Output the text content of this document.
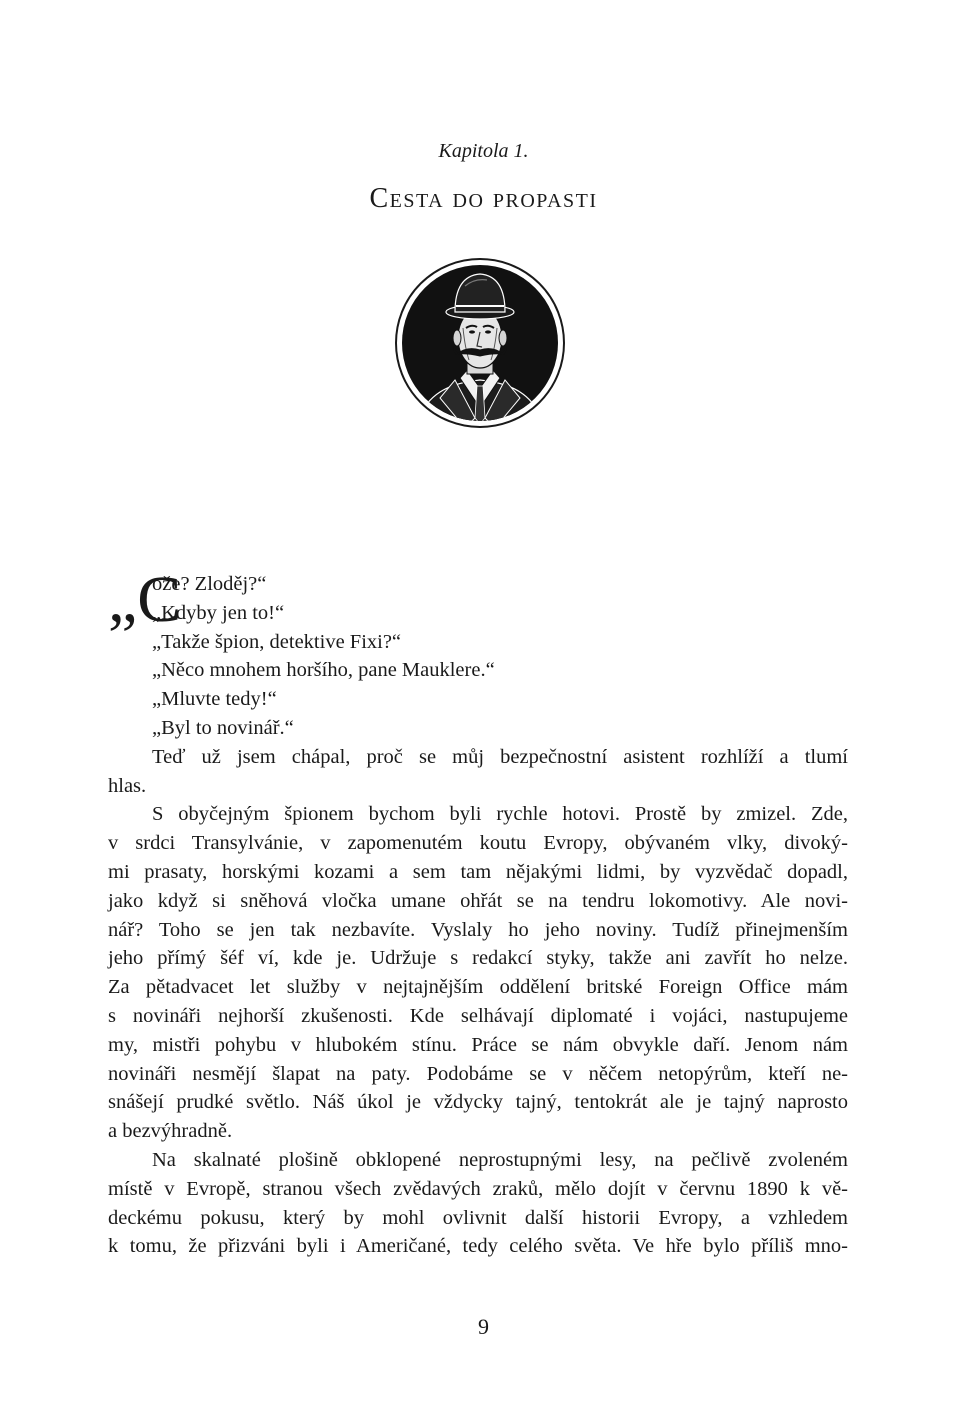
Kapitola 1.
Cesta do propasti
„C
ože? Zloděj?“
„Kdyby jen to!“
„Takže špion, detektive Fixi?“
„Něco mnohem horšího, pane Mauklere.“
„Mluvte tedy!“
„Byl to novinář.“

Teď už jsem chápal, proč se můj bezpečnostní asistent rozhlíží a tlumí
hlas.

S obyčejným špionem bychom byli rychle hotovi. Prostě by zmizel. Zde,
v srdci Transylvánie, v zapomenutém koutu Evropy, obývaném vlky, divoký-
mi prasaty, horskými kozami a sem tam nějakými lidmi, by vyzvědač dopadl,
jako když si sněhová vločka umane ohřát se na tendru lokomotivy. Ale novi-
nář? Toho se jen tak nezbavíte. Vyslaly ho jeho noviny. Tudíž přinejmenším
jeho přímý šéf ví, kde je. Udržuje s redakcí styky, takže ani zavřít ho nelze.
Za pětadvacet let služby v nejtajnějším oddělení britské Foreign Office mám
s novináři nejhorší zkušenosti. Kde selhávají diplomaté i vojáci, nastupujeme
my, mistři pohybu v hlubokém stínu. Práce se nám obvykle daří. Jenom nám
novináři nesmějí šlapat na paty. Podobáme se v něčem netopýrům, kteří ne-
snášejí prudké světlo. Náš úkol je vždycky tajný, tentokrát ale je tajný naprosto
a bezvýhradně.

Na skalnaté plošině obklopené neprostupnými lesy, na pečlivě zvoleném
místě v Evropě, stranou všech zvědavých zraků, mělo dojít v červnu 1890 k vě-
deckému pokusu, který by mohl ovlivnit další historii Evropy, a vzhledem
k tomu, že přizváni byli i Američané, tedy celého světa. Ve hře bylo příliš mno-

9
